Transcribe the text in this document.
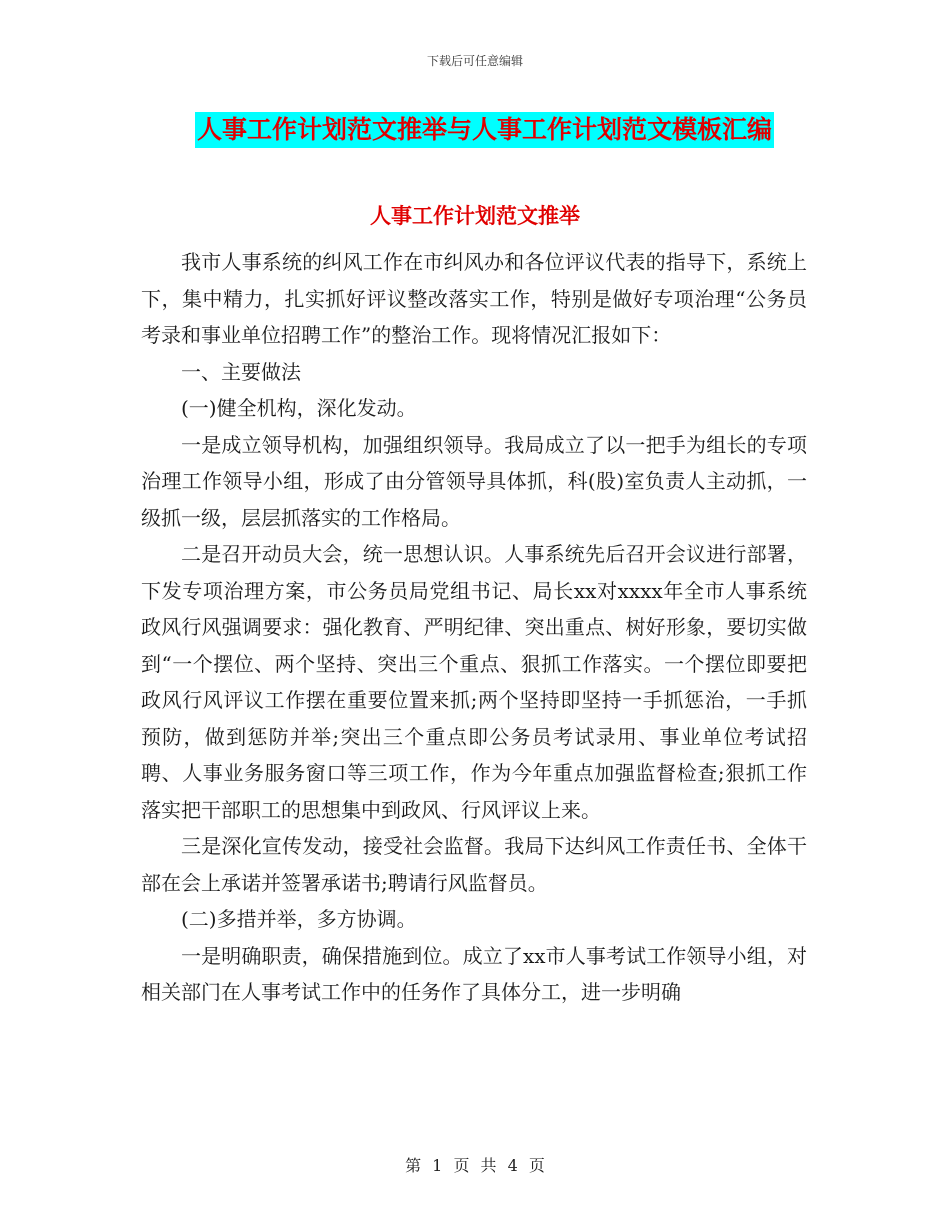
下载后可任意编辑
人事工作计划范文推举与人事工作计划范文模板汇编
人事工作计划范文推举

我市人事系统的纠风工作在市纠风办和各位评议代表的指导下，系统上下，集中精力，扎实抓好评议整改落实工作，特别是做好专项治理“公务员考录和事业单位招聘工作”的整治工作。现将情况汇报如下：

一、主要做法

(一)健全机构，深化发动。

一是成立领导机构，加强组织领导。我局成立了以一把手为组长的专项治理工作领导小组，形成了由分管领导具体抓，科(股)室负责人主动抓，一级抓一级，层层抓落实的工作格局。

二是召开动员大会，统一思想认识。人事系统先后召开会议进行部署，下发专项治理方案，市公务员局党组书记、局长xx对xxxx年全市人事系统政风行风强调要求：强化教育、严明纪律、突出重点、树好形象，要切实做到“一个摆位、两个坚持、突出三个重点、狠抓工作落实。一个摆位即要把政风行风评议工作摆在重要位置来抓;两个坚持即坚持一手抓惩治，一手抓预防，做到惩防并举;突出三个重点即公务员考试录用、事业单位考试招聘、人事业务服务窗口等三项工作，作为今年重点加强监督检查;狠抓工作落实把干部职工的思想集中到政风、行风评议上来。

三是深化宣传发动，接受社会监督。我局下达纠风工作责任书、全体干部在会上承诺并签署承诺书;聘请行风监督员。

(二)多措并举，多方协调。

一是明确职责，确保措施到位。成立了xx市人事考试工作领导小组，对相关部门在人事考试工作中的任务作了具体分工，进一步明确

第 1 页 共 4 页
